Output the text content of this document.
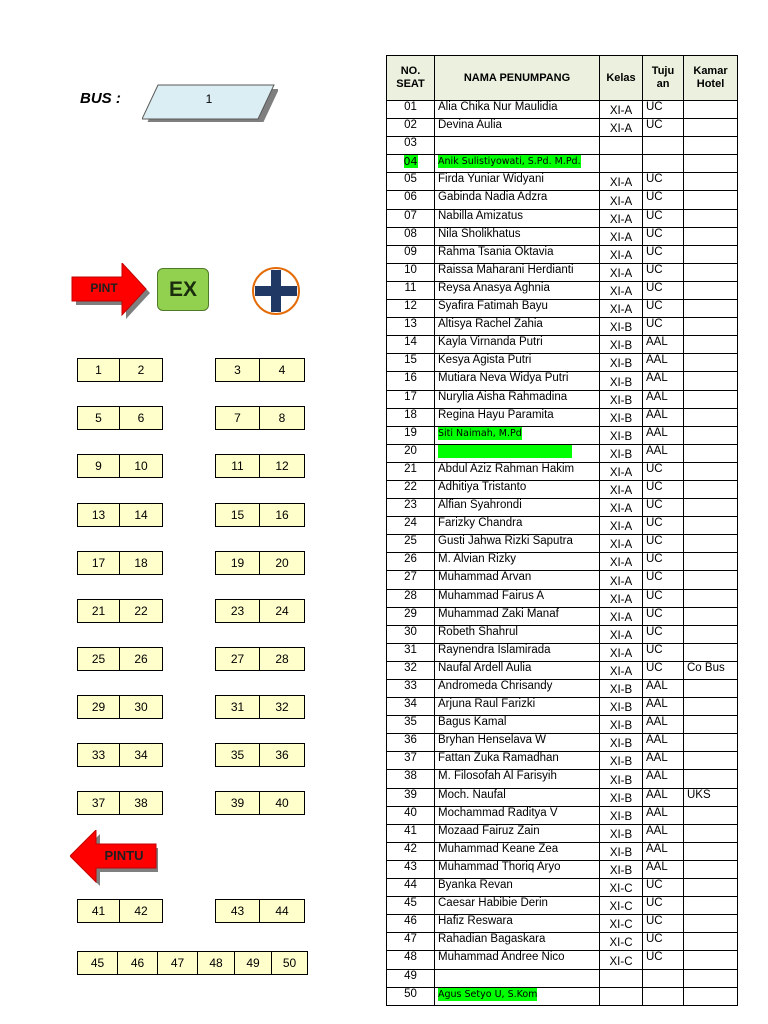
BUS :	1
PINT	EX
1	2	3	4
5	6	7	8
9	10	11	12
13	14	15	16
17	18	19	20
21	22	23	24
25	26	27	28
29	30	31	32
33	34	35	36
37	38	39	40
41	42	43	44
45	46	47	48	49	50
PINTU
NO. SEAT	NAMA PENUMPANG	Kelas	Tuju an	Kamar Hotel
01	Alia Chika Nur Maulidia	XI-A	UC	
02	Devina Aulia	XI-A	UC	
03				
04	Anik Sulistiyowati, S.Pd. M.Pd.			
05	Firda Yuniar Widyani	XI-A	UC	
06	Gabinda Nadia Adzra	XI-A	UC	
07	Nabilla Amizatus	XI-A	UC	
08	Nila Sholikhatus	XI-A	UC	
09	Rahma Tsania Oktavia	XI-A	UC	
10	Raissa Maharani Herdianti	XI-A	UC	
11	Reysa Anasya Aghnia	XI-A	UC	
12	Syafira Fatimah Bayu	XI-A	UC	
13	Altisya Rachel Zahia	XI-B	UC	
14	Kayla Virnanda Putri	XI-B	AAL	
15	Kesya Agista Putri	XI-B	AAL	
16	Mutiara Neva Widya Putri	XI-B	AAL	
17	Nurylia Aisha Rahmadina	XI-B	AAL	
18	Regina Hayu Paramita	XI-B	AAL	
19	Siti Naimah, M.Pd	XI-B	AAL	
20		XI-B	AAL	
21	Abdul Aziz Rahman Hakim	XI-A	UC	
22	Adhitiya Tristanto	XI-A	UC	
23	Alfian Syahrondi	XI-A	UC	
24	Farizky Chandra	XI-A	UC	
25	Gusti Jahwa Rizki Saputra	XI-A	UC	
26	M. Alvian Rizky	XI-A	UC	
27	Muhammad Arvan	XI-A	UC	
28	Muhammad Fairus A	XI-A	UC	
29	Muhammad Zaki Manaf	XI-A	UC	
30	Robeth Shahrul	XI-A	UC	
31	Raynendra Islamirada	XI-A	UC	
32	Naufal Ardell Aulia	XI-A	UC	Co Bus
33	Andromeda Chrisandy	XI-B	AAL	
34	Arjuna Raul Farizki	XI-B	AAL	
35	Bagus Kamal	XI-B	AAL	
36	Bryhan Henselava W	XI-B	AAL	
37	Fattan Zuka Ramadhan	XI-B	AAL	
38	M. Filosofah Al Farisyih	XI-B	AAL	
39	Moch. Naufal	XI-B	AAL	UKS
40	Mochammad Raditya V	XI-B	AAL	
41	Mozaad Fairuz Zain	XI-B	AAL	
42	Muhammad Keane Zea	XI-B	AAL	
43	Muhammad Thoriq Aryo	XI-B	AAL	
44	Byanka Revan	XI-C	UC	
45	Caesar Habibie Derin	XI-C	UC	
46	Hafiz Reswara	XI-C	UC	
47	Rahadian Bagaskara	XI-C	UC	
48	Muhammad Andree Nico	XI-C	UC	
49				
50	Agus Setyo U, S.Kom			
